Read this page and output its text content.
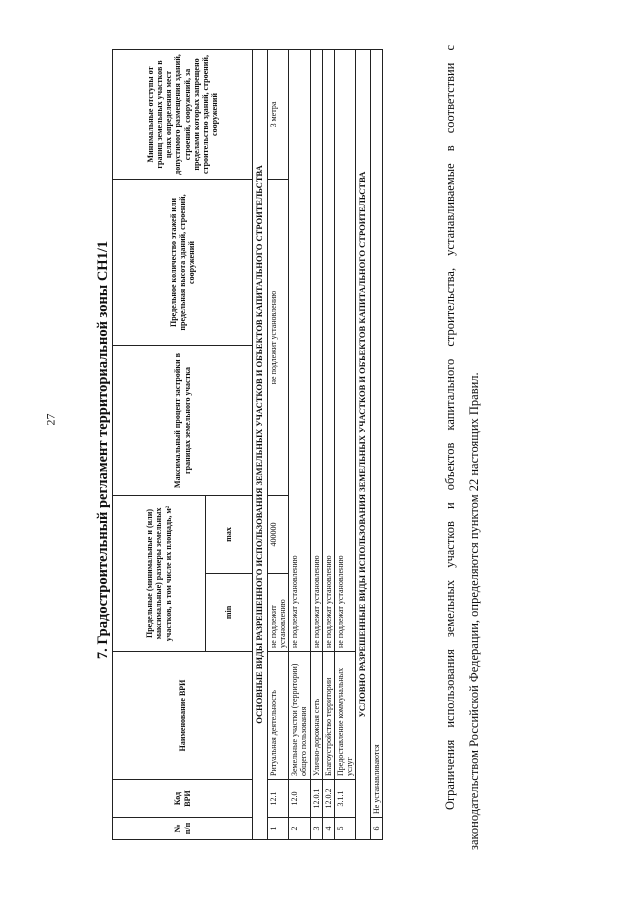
27	7. Градостроительный регламент территориальной зоны СН1/1
№ п/п	Код ВРИ	Наименование ВРИ	Предельные (минимальные и (или) максимальные) размеры земельных участков, в том числе их площадь, м²		Максимальный процент застройки в границах земельного участка	Предельное количество этажей или предельная высота зданий, строений, сооружений	Минимальные отступы от границ земельных участков в целях определения мест допустимого размещения зданий, строений, сооружений, за пределами которых запрещено строительство зданий, строений, сооружений
			min	max			
ОСНОВНЫЕ ВИДЫ РАЗРЕШЕННОГО ИСПОЛЬЗОВАНИЯ ЗЕМЕЛЬНЫХ УЧАСТКОВ И ОБЪЕКТОВ КАПИТАЛЬНОГО СТРОИТЕЛЬСТВА							
1	12.1	Ритуальная деятельность	не подлежит установлению	400000	не подлежит установлению		3 метра
2	12.0	Земельные участки (территории) общего пользования	не подлежат установлению				
3	12.0.1	Улично-дорожная сеть	не подлежат установлению				
4	12.0.2	Благоустройство территории	не подлежат установлению				
5	3.1.1	Предоставление коммунальных услуг	не подлежат установлению				
УСЛОВНО РАЗРЕШЕННЫЕ ВИДЫ ИСПОЛЬЗОВАНИЯ ЗЕМЕЛЬНЫХ УЧАСТКОВ И ОБЪЕКТОВ КАПИТАЛЬНОГО СТРОИТЕЛЬСТВА							
6	Не устанавливаются							Ограничения использования земельных участков и объектов капитального строительства, устанавливаемые в соответствии с законодательством Российской Федерации, определяются пунктом 22 настоящих Правил.
